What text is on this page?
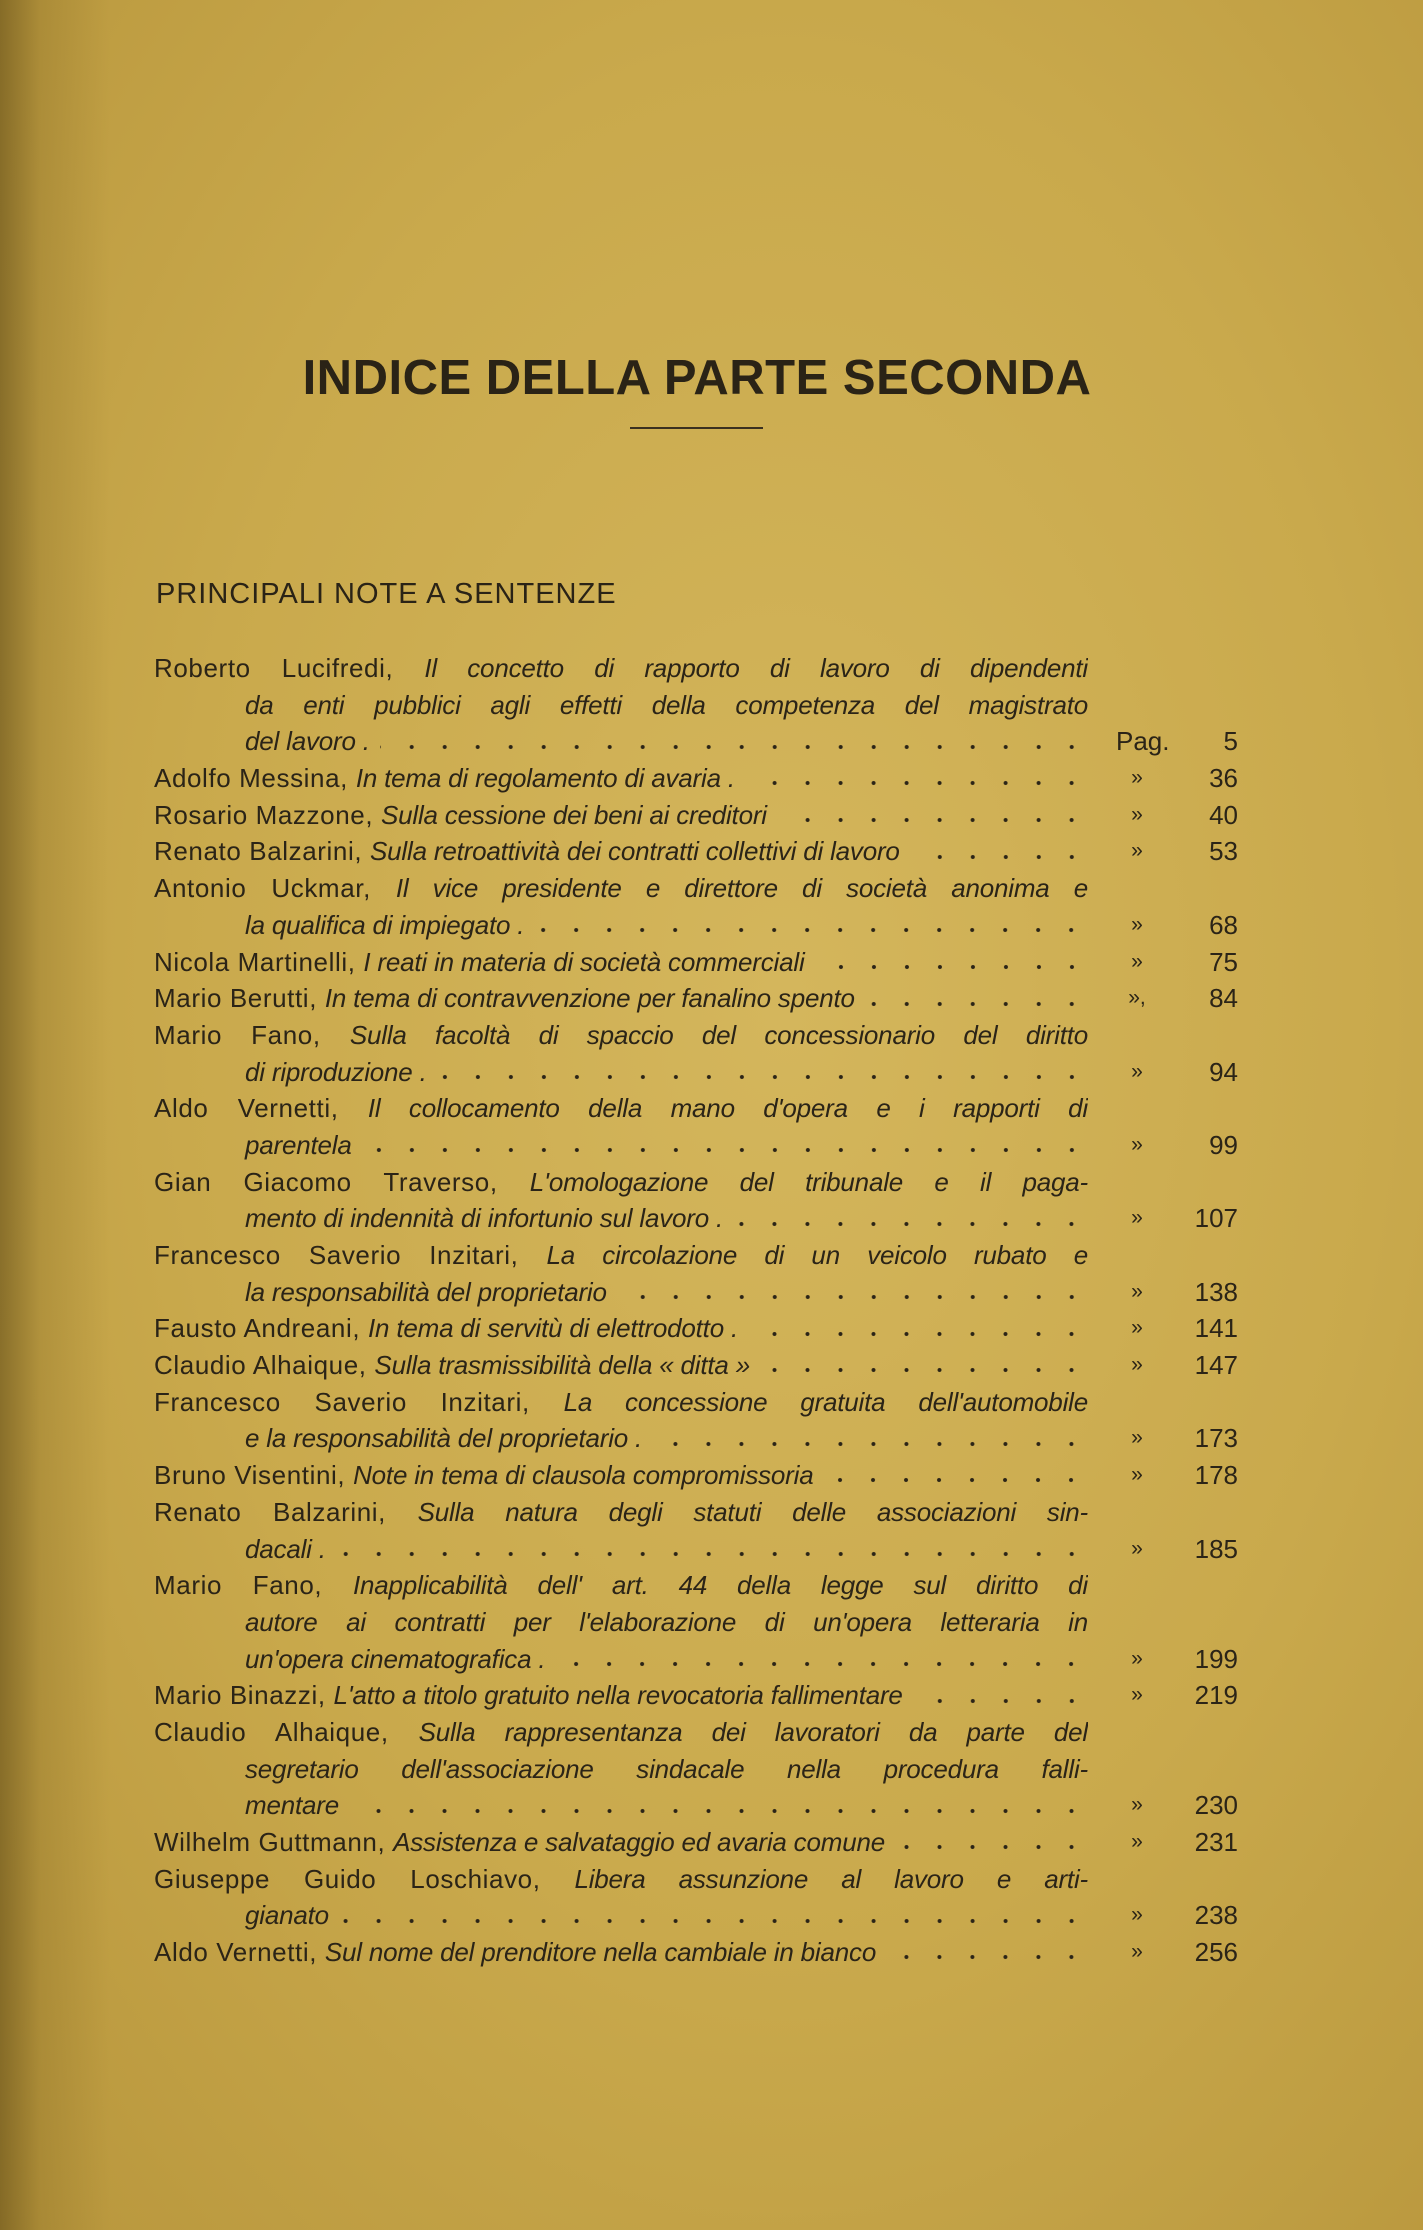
INDICE DELLA PARTE SECONDA
PRINCIPALI NOTE A SENTENZE
Roberto Lucifredi , Il concetto di rapporto di lavoro di dipendenti
da enti pubblici agli effetti della competenza del magistrato
del lavoro .	Pag.	5
Adolfo Messina , In tema di regolamento di avaria .	»	36
Rosario Mazzone , Sulla cessione dei beni ai creditori	»	40
Renato Balzarini , Sulla retroattività dei contratti collettivi di lavoro	»	53
Antonio Uckmar , Il vice presidente e direttore di società anonima e
la qualifica di impiegato .	»	68
Nicola Martinelli , I reati in materia di società commerciali	»	75
Mario Berutti , In tema di contravvenzione per fanalino spento	»,	84
Mario Fano , Sulla facoltà di spaccio del concessionario del diritto
di riproduzione .	»	94
Aldo Vernetti , Il collocamento della mano d'opera e i rapporti di
parentela	»	99
Gian Giacomo Traverso , L'omologazione del tribunale e il paga-
mento di indennità di infortunio sul lavoro .	»	107
Francesco Saverio Inzitari , La circolazione di un veicolo rubato e
la responsabilità del proprietario	»	138
Fausto Andreani , In tema di servitù di elettrodotto .	»	141
Claudio Alhaique , Sulla trasmissibilità della « ditta »	»	147
Francesco Saverio Inzitari , La concessione gratuita dell'automobile
e la responsabilità del proprietario .	»	173
Bruno Visentini , Note in tema di clausola compromissoria	»	178
Renato Balzarini , Sulla natura degli statuti delle associazioni sin-
dacali .	»	185
Mario Fano , Inapplicabilità dell' art. 44 della legge sul diritto di
autore ai contratti per l'elaborazione di un'opera letteraria in
un'opera cinematografica .	»	199
Mario Binazzi , L'atto a titolo gratuito nella revocatoria fallimentare	»	219
Claudio Alhaique , Sulla rappresentanza dei lavoratori da parte del
segretario dell'associazione sindacale nella procedura falli-
mentare	»	230
Wilhelm Guttmann , Assistenza e salvataggio ed avaria comune	»	231
Giuseppe Guido Loschiavo , Libera assunzione al lavoro e arti-
gianato	»	238
Aldo Vernetti , Sul nome del prenditore nella cambiale in bianco	»	256
